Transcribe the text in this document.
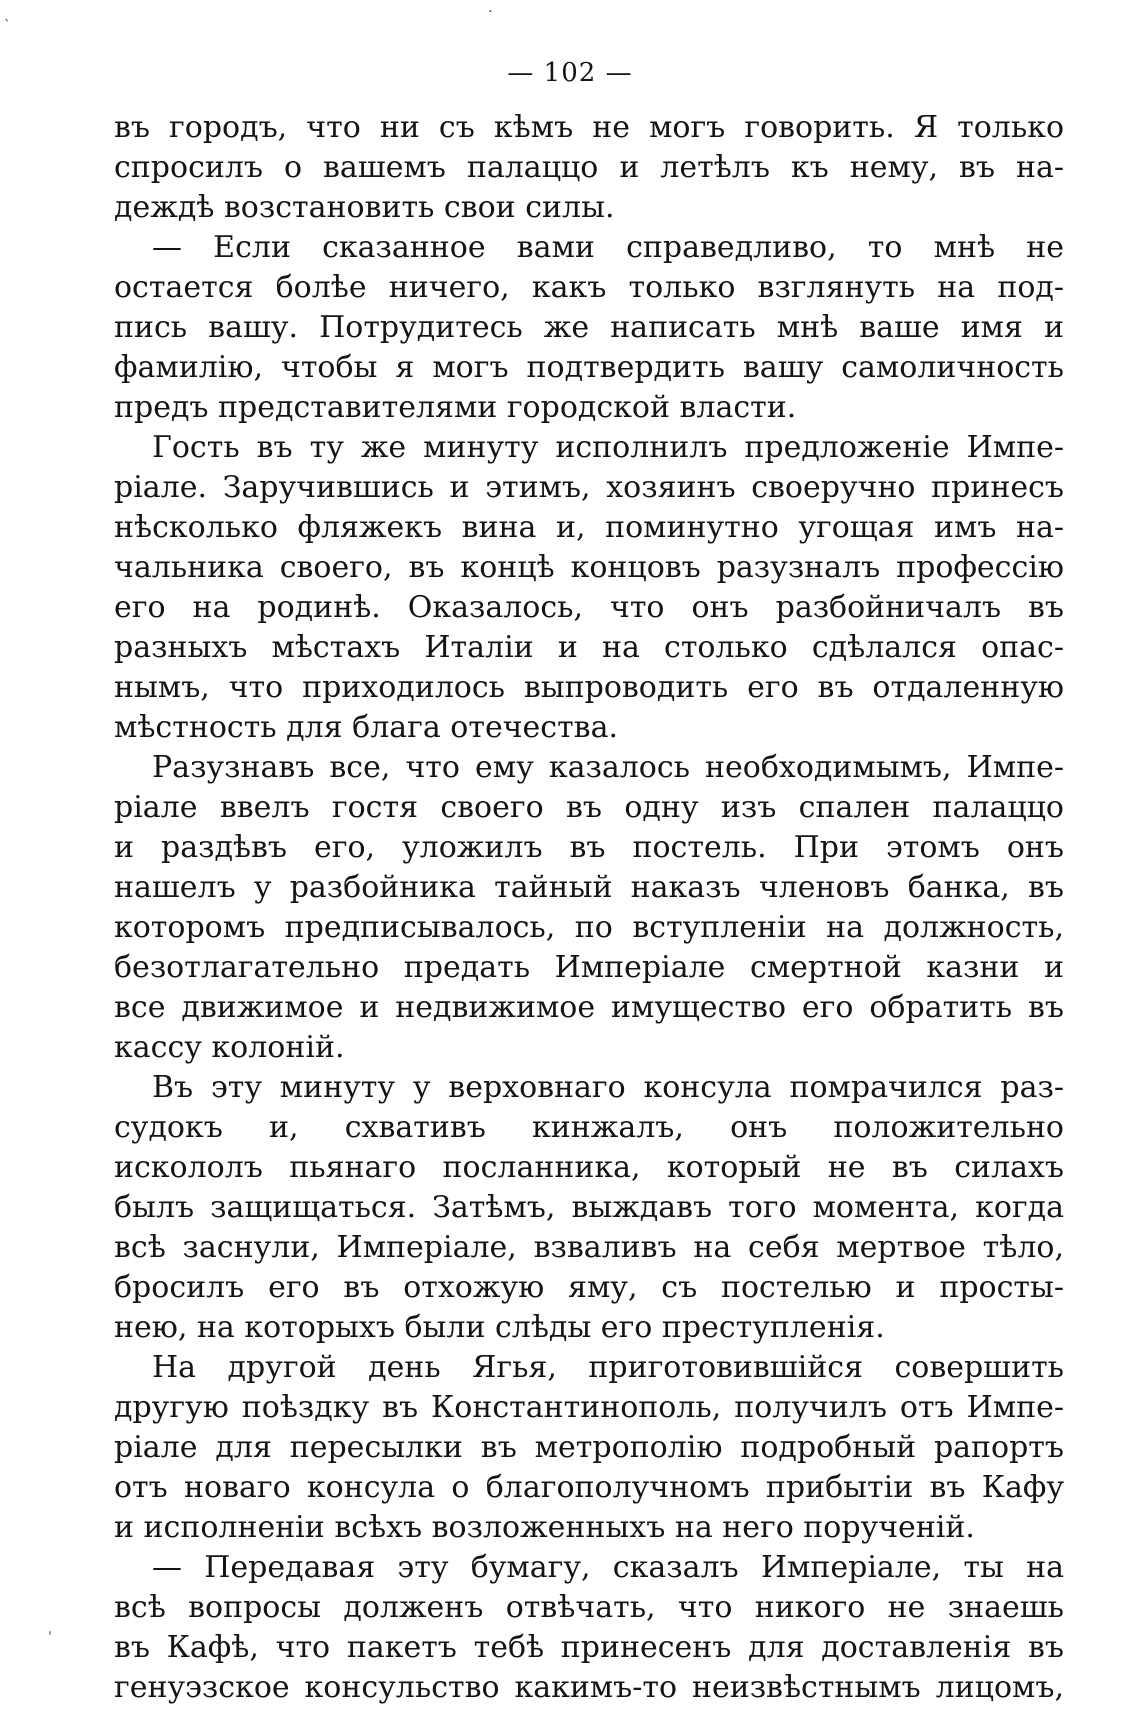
— 102 —
въ городъ, что ни съ кѣмъ не могъ говорить. Я только
спросилъ о вашемъ палаццо и летѣлъ къ нему, въ на-
деждѣ возстановить свои силы.
— Если сказанное вами справедливо, то мнѣ не
остается болѣе ничего, какъ только взглянуть на под-
пись вашу. Потрудитесь же написать мнѣ ваше имя и
фамилію, чтобы я могъ подтвердить вашу самоличность
предъ представителями городской власти.
Гость въ ту же минуту исполнилъ предложеніе Импе-
ріале. Заручившись и этимъ, хозяинъ своеручно принесъ
нѣсколько фляжекъ вина и, поминутно угощая имъ на-
чальника своего, въ концѣ концовъ разузналъ профессію
его на родинѣ. Оказалось, что онъ разбойничалъ въ
разныхъ мѣстахъ Италіи и на столько сдѣлался опас-
нымъ, что приходилось выпроводить его въ отдаленную
мѣстность для блага отечества.
Разузнавъ все, что ему казалось необходимымъ, Импе-
ріале ввелъ гостя своего въ одну изъ спален палаццо
и раздѣвъ его, уложилъ въ постель. При этомъ онъ
нашелъ у разбойника тайный наказъ членовъ банка, въ
которомъ предписывалось, по вступленіи на должность,
безотлагательно предать Имперіале смертной казни и
все движимое и недвижимое имущество его обратить въ
кассу колоній.
Въ эту минуту у верховнаго консула помрачился раз-
судокъ и, схвативъ кинжалъ, онъ положительно
искололъ пьянаго посланника, который не въ силахъ
былъ защищаться. Затѣмъ, выждавъ того момента, когда
всѣ заснули, Имперіале, взваливъ на себя мертвое тѣло,
бросилъ его въ отхожую яму, съ постелью и просты-
нею, на которыхъ были слѣды его преступленія.
На другой день Ягья, приготовившійся совершить
другую поѣздку въ Константинополь, получилъ отъ Импе-
ріале для пересылки въ метрополію подробный рапортъ
отъ новаго консула о благополучномъ прибытіи въ Кафу
и исполненіи всѣхъ возложенныхъ на него порученій.
— Передавая эту бумагу, сказалъ Имперіале, ты на
всѣ вопросы долженъ отвѣчать, что никого не знаешь
въ Кафѣ, что пакетъ тебѣ принесенъ для доставленія въ
генуэзское консульство какимъ-то неизвѣстнымъ лицомъ,
·
ˋ
ˈ
